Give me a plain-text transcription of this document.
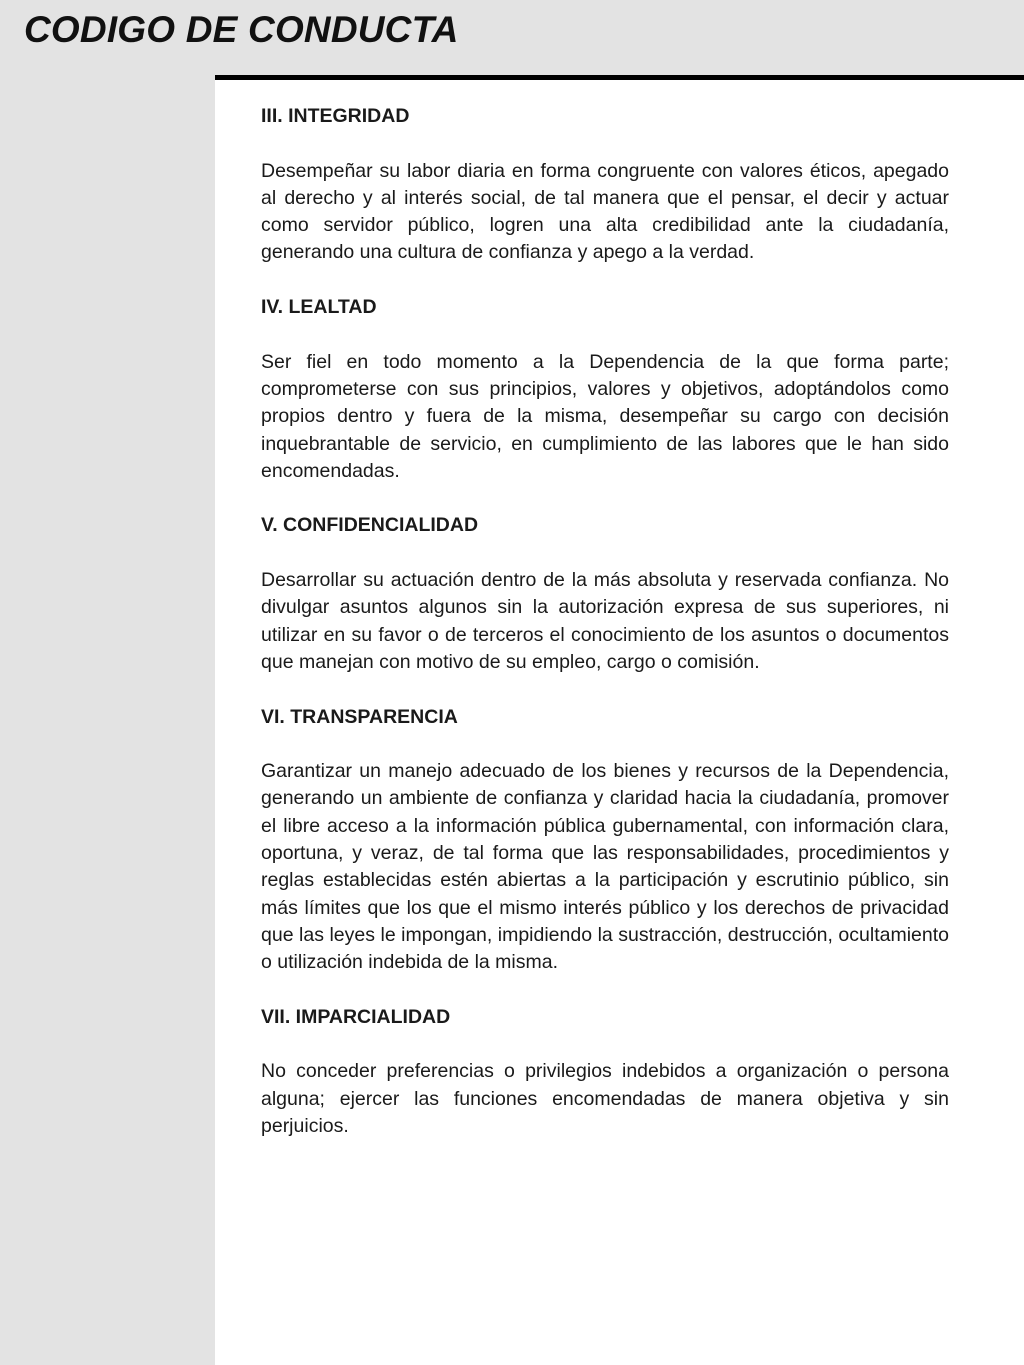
CODIGO DE CONDUCTA
III. INTEGRIDAD

Desempeñar su labor diaria en forma congruente con valores éticos, apegado al derecho y al interés social, de tal manera que el pensar, el decir y actuar como servidor público, logren una alta credibilidad ante la ciudadanía, generando una cultura de confianza y apego a la verdad.

IV. LEALTAD

Ser fiel en todo momento a la Dependencia de la que forma parte; comprometerse con sus principios, valores y objetivos, adoptándolos como propios dentro y fuera de la misma, desempeñar su cargo con decisión inquebrantable de servicio, en cumplimiento de las labores que le han sido encomendadas.

V. CONFIDENCIALIDAD

Desarrollar su actuación dentro de la más absoluta y reservada confianza. No divulgar asuntos algunos sin la autorización expresa de sus superiores, ni utilizar en su favor o de terceros el conocimiento de los asuntos o documentos que manejan con motivo de su empleo, cargo o comisión.

VI. TRANSPARENCIA

Garantizar un manejo adecuado de los bienes y recursos de la Dependencia, generando un ambiente de confianza y claridad hacia la ciudadanía, promover el libre acceso a la información pública gubernamental, con información clara, oportuna, y veraz, de tal forma que las responsabilidades, procedimientos y reglas establecidas estén abiertas a la participación y escrutinio público, sin más límites que los que el mismo interés público y los derechos de privacidad que las leyes le impongan, impidiendo la sustracción, destrucción, ocultamiento o utilización indebida de la misma.

VII. IMPARCIALIDAD

No conceder preferencias o privilegios indebidos a organización o persona alguna; ejercer las funciones encomendadas de manera objetiva y sin perjuicios.
